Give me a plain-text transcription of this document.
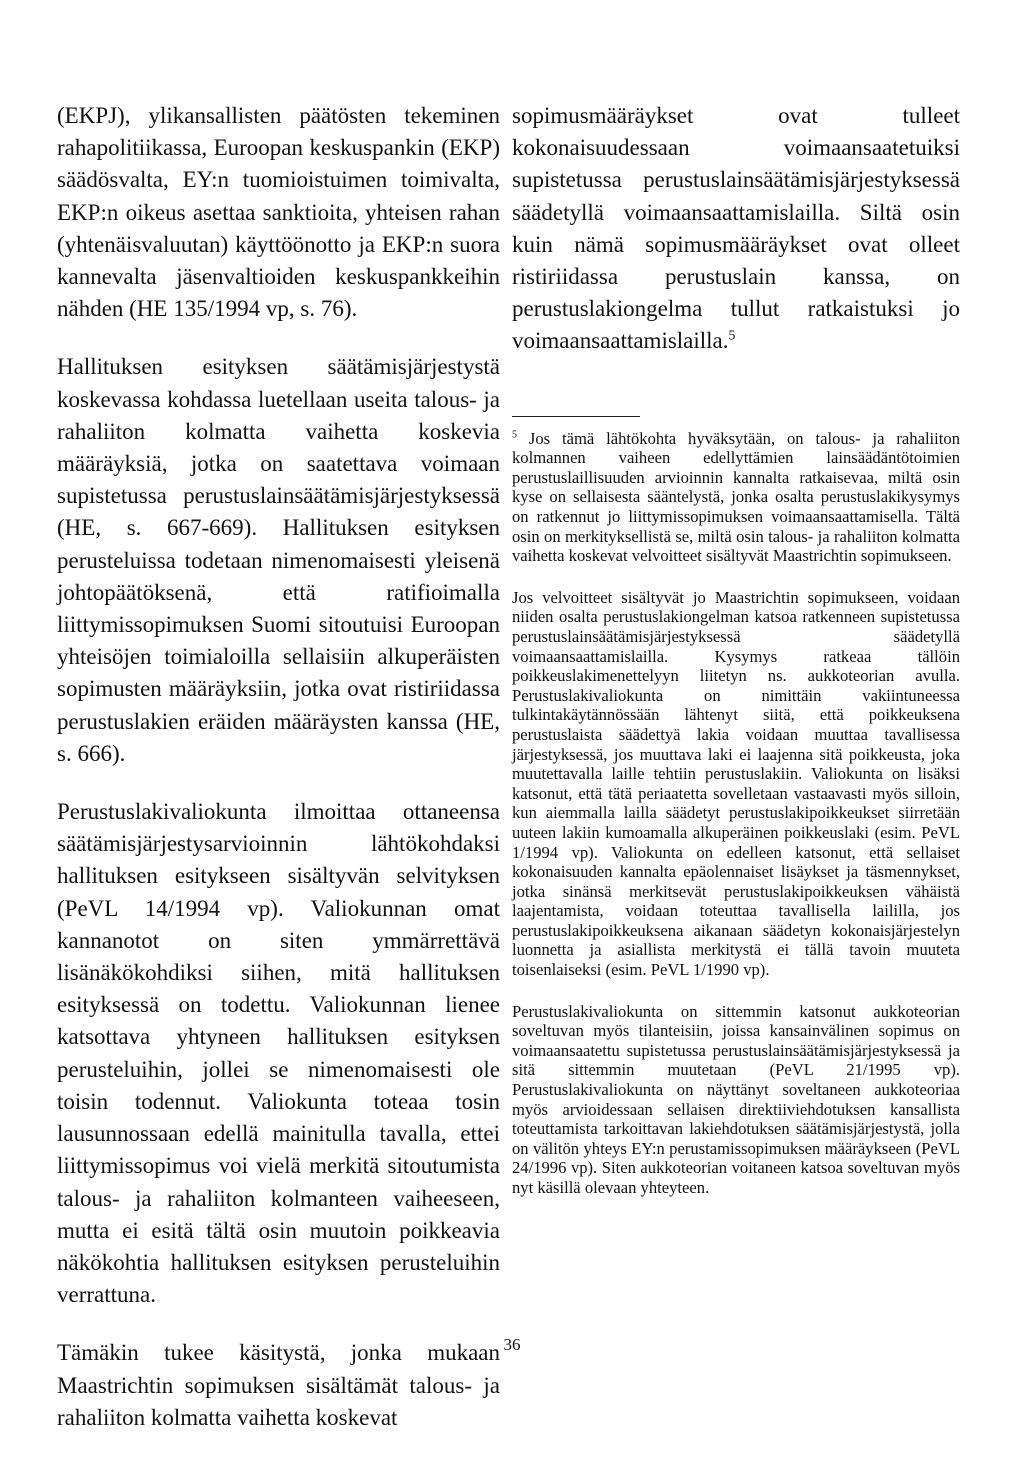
(EKPJ), ylikansallisten päätösten tekeminen rahapolitiikassa, Euroopan keskuspankin (EKP) säädösvalta, EY:n tuomioistuimen toimivalta, EKP:n oikeus asettaa sanktioita, yhteisen rahan (yhtenäisvaluutan) käyttöönotto ja EKP:n suora kannevalta jäsenvaltioiden keskuspankkeihin nähden (HE 135/1994 vp, s. 76).

Hallituksen esityksen säätämisjärjestystä koskevassa kohdassa luetellaan useita talous- ja rahaliiton kolmatta vaihetta koskevia määräyksiä, jotka on saatettava voimaan supistetussa perustuslainsäätämisjärjestyksessä (HE, s. 667-669). Hallituksen esityksen perusteluissa todetaan nimenomaisesti yleisenä johtopäätöksenä, että ratifioimalla liittymissopimuksen Suomi sitoutuisi Euroopan yhteisöjen toimialoilla sellaisiin alkuperäisten sopimusten määräyksiin, jotka ovat ristiriidassa perustuslakien eräiden määräysten kanssa (HE, s. 666).

Perustuslakivaliokunta ilmoittaa ottaneensa säätämisjärjestysarvioinnin lähtökohdaksi hallituksen esitykseen sisältyvän selvityksen (PeVL 14/1994 vp). Valiokunnan omat kannanotot on siten ymmärrettävä lisänäkökohdiksi siihen, mitä hallituksen esityksessä on todettu. Valiokunnan lienee katsottava yhtyneen hallituksen esityksen perusteluihin, jollei se nimenomaisesti ole toisin todennut. Valiokunta toteaa tosin lausunnossaan edellä mainitulla tavalla, ettei liittymissopimus voi vielä merkitä sitoutumista talous- ja rahaliiton kolmanteen vaiheeseen, mutta ei esitä tältä osin muutoin poikkeavia näkökohtia hallituksen esityksen perusteluihin verrattuna.

Tämäkin tukee käsitystä, jonka mukaan Maastrichtin sopimuksen sisältämät talous- ja rahaliiton kolmatta vaihetta koskevat

sopimusmääräykset ovat tulleet kokonaisuudessaan voimaansaatetuiksi supistetussa perustuslainsäätämisjärjestyksessä säädetyllä voimaansaattamislailla. Siltä osin kuin nämä sopimusmääräykset ovat olleet ristiriidassa perustuslain kanssa, on perustuslakiongelma tullut ratkaistuksi jo voimaansaattamislailla.$^5$

$^5$ Jos tämä lähtökohta hyväksytään, on talous- ja rahaliiton kolmannen vaiheen edellyttämien lainsäädäntötoimien perustuslaillisuuden arvioinnin kannalta ratkaisevaa, miltä osin kyse on sellaisesta sääntelystä, jonka osalta perustuslakikysymys on ratkennut jo liittymissopimuksen voimaansaattamisella. Tältä osin on merkityksellistä se, miltä osin talous- ja rahaliiton kolmatta vaihetta koskevat velvoitteet sisältyvät Maastrichtin sopimukseen.

Jos velvoitteet sisältyvät jo Maastrichtin sopimukseen, voidaan niiden osalta perustuslakiongelman katsoa ratkenneen supistetussa perustuslainsäätämisjärjestyksessä säädetyllä voimaansaattamislailla. Kysymys ratkeaa tällöin poikkeuslakimenettelyyn liitetyn ns. aukkoteorian avulla. Perustuslakivaliokunta on nimittäin vakiintuneessa tulkintakäytännössään lähtenyt siitä, että poikkeuksena perustuslaista säädettyä lakia voidaan muuttaa tavallisessa järjestyksessä, jos muuttava laki ei laajenna sitä poikkeusta, joka muutettavalla laille tehtiin perustuslakiin. Valiokunta on lisäksi katsonut, että tätä periaatetta sovelletaan vastaavasti myös silloin, kun aiemmalla lailla säädetyt perustuslakipoikkeukset siirretään uuteen lakiin kumoamalla alkuperäinen poikkeuslaki (esim. PeVL 1/1994 vp). Valiokunta on edelleen katsonut, että sellaiset kokonaisuuden kannalta epäolennaiset lisäykset ja täsmennykset, jotka sinänsä merkitsevät perustuslakipoikkeuksen vähäistä laajentamista, voidaan toteuttaa tavallisella laililla, jos perustuslakipoikkeuksena aikanaan säädetyn kokonaisjärjestelyn luonnetta ja asiallista merkitystä ei tällä tavoin muuteta toisenlaiseksi (esim. PeVL 1/1990 vp).

Perustuslakivaliokunta on sittemmin katsonut aukkoteorian soveltuvan myös tilanteisiin, joissa kansainvälinen sopimus on voimaansaatettu supistetussa perustuslainsäätämisjärjestyksessä ja sitä sittemmin muutetaan (PeVL 21/1995 vp). Perustuslakivaliokunta on näyttänyt soveltaneen aukkoteoriaa myös arvioidessaan sellaisen direktiiviehdotuksen kansallista toteuttamista tarkoittavan lakiehdotuksen säätämisjärjestystä, jolla on välitön yhteys EY:n perustamissopimuksen määräykseen (PeVL 24/1996 vp). Siten aukkoteorian voitaneen katsoa soveltuvan myös nyt käsillä olevaan yhteyteen.

36
